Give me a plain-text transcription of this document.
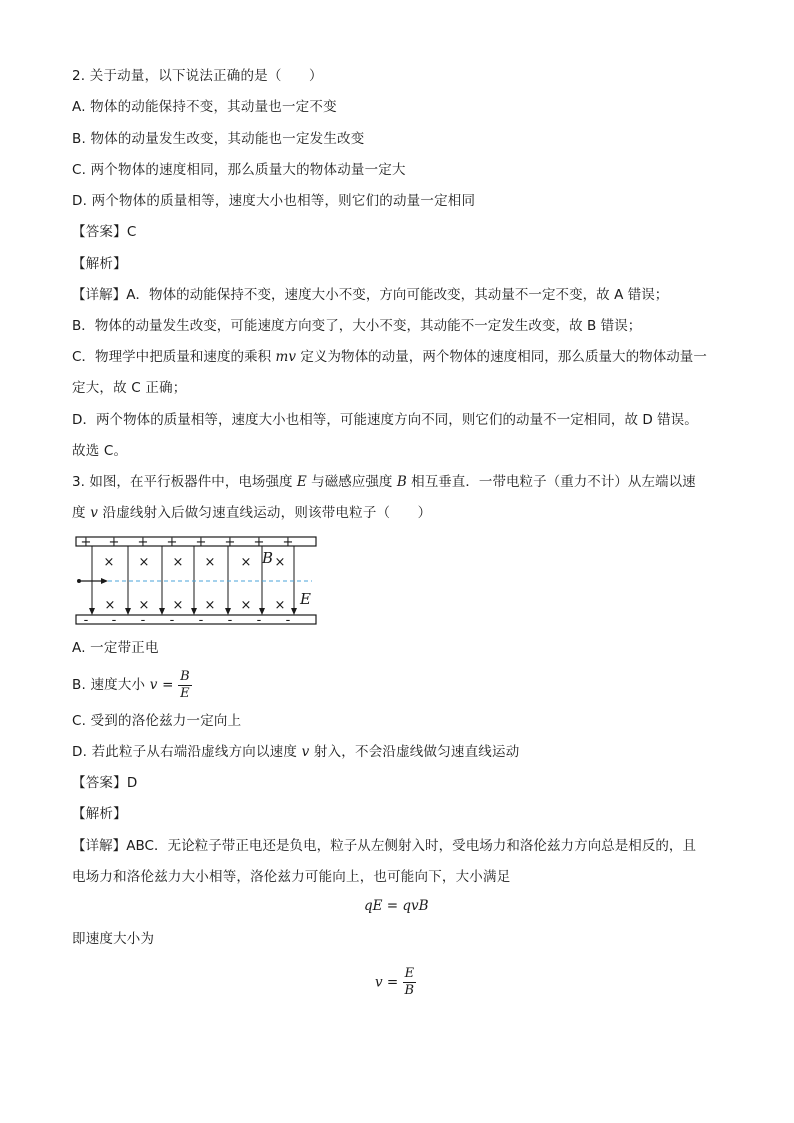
2. 关于动量，以下说法正确的是（　　）
A. 物体的动能保持不变，其动量也一定不变
B. 物体的动量发生改变，其动能也一定发生改变
C. 两个物体的速度相同，那么质量大的物体动量一定大
D. 两个物体的质量相等，速度大小也相等，则它们的动量一定相同
【答案】C
【解析】
【详解】A．物体的动能保持不变，速度大小不变，方向可能改变，其动量不一定不变，故 A 错误；
B．物体的动量发生改变，可能速度方向变了，大小不变，其动能不一定发生改变，故 B 错误；
C．物理学中把质量和速度的乘积 mv 定义为物体的动量，两个物体的速度相同，那么质量大的物体动量一
定大，故 C 正确；
D．两个物体的质量相等，速度大小也相等，可能速度方向不同，则它们的动量不一定相同，故 D 错误。
故选 C。
3. 如图，在平行板器件中，电场强度 E 与磁感应强度 B 相互垂直．一带电粒子（重力不计）从左端以速
度 v 沿虚线射入后做匀速直线运动，则该带电粒子（　　）
+ + + + + + + +
- - - - - - - -
× × × × ×
×
× × × × × ×
B
E
A. 一定带正电
B. 速度大小 $v = \frac{B}{E}$
C. 受到的洛伦兹力一定向上
D. 若此粒子从右端沿虚线方向以速度 v 射入，不会沿虚线做匀速直线运动
【答案】D
【解析】
【详解】ABC．无论粒子带正电还是负电，粒子从左侧射入时，受电场力和洛伦兹力方向总是相反的，且
电场力和洛伦兹力大小相等，洛伦兹力可能向上，也可能向下，大小满足
qE = qvB
即速度大小为
$v = \frac{E}{B}$
